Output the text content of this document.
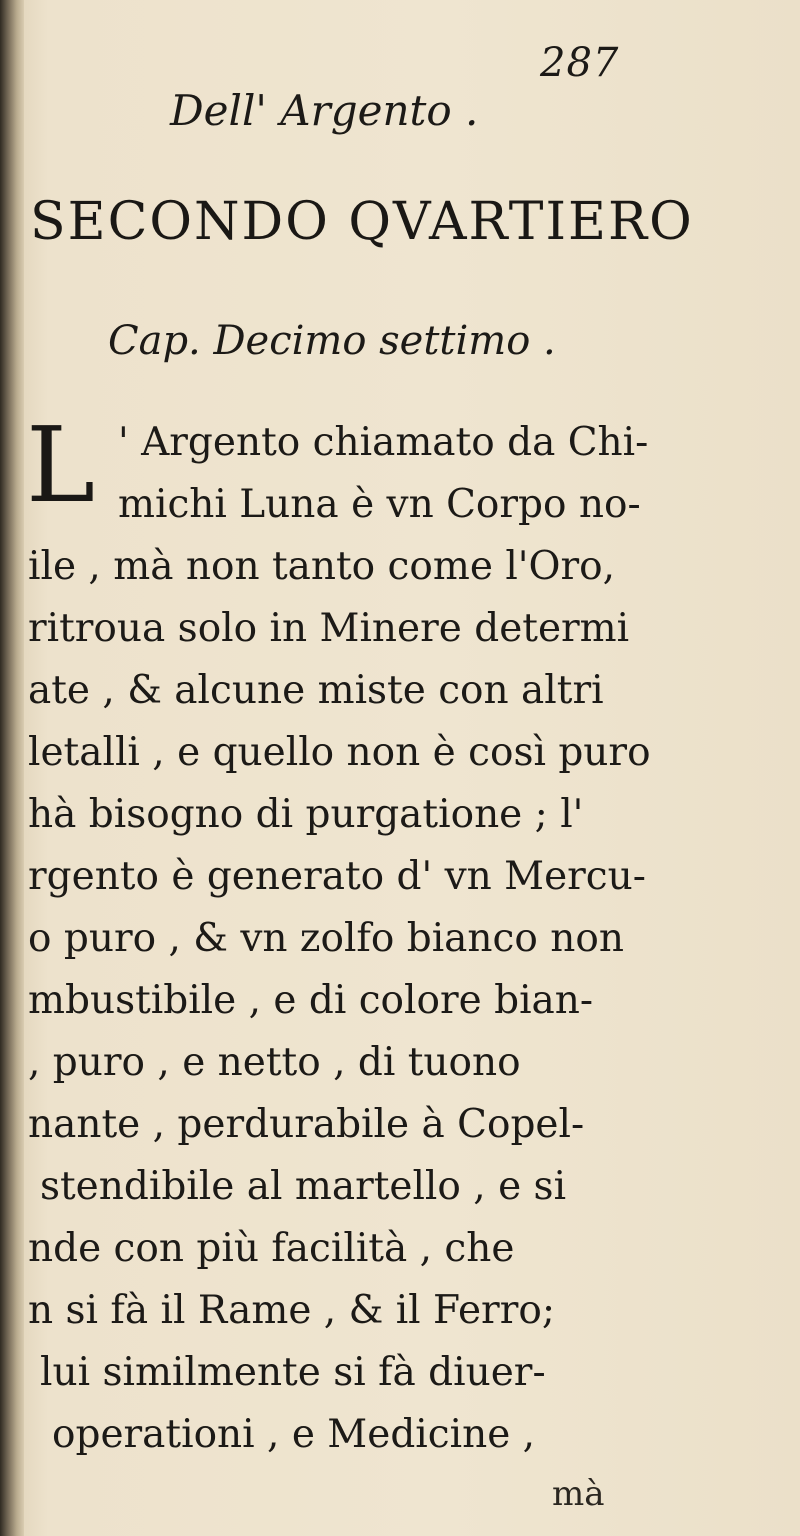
287
Dell' Argento .
SECONDO QVARTIERO
Cap. Decimo settimo .
L ' Argento chiamato da Chi-
michi Luna è vn Corpo no-
ile , mà non tanto come l'Oro,
ritroua solo in Minere determi
ate , & alcune miste con altri
letalli , e quello non è così puro
hà bisogno di purgatione ; l'
rgento è generato d' vn Mercu-
o puro , & vn zolfo bianco non
mbustibile , e di colore bian-
, puro , e netto , di tuono
nante , perdurabile à Copel-
stendibile al martello , e si
nde con più facilità , che
n si fà il Rame , & il Ferro;
lui similmente si fà diuer-
operationi , e Medicine ,
mà
